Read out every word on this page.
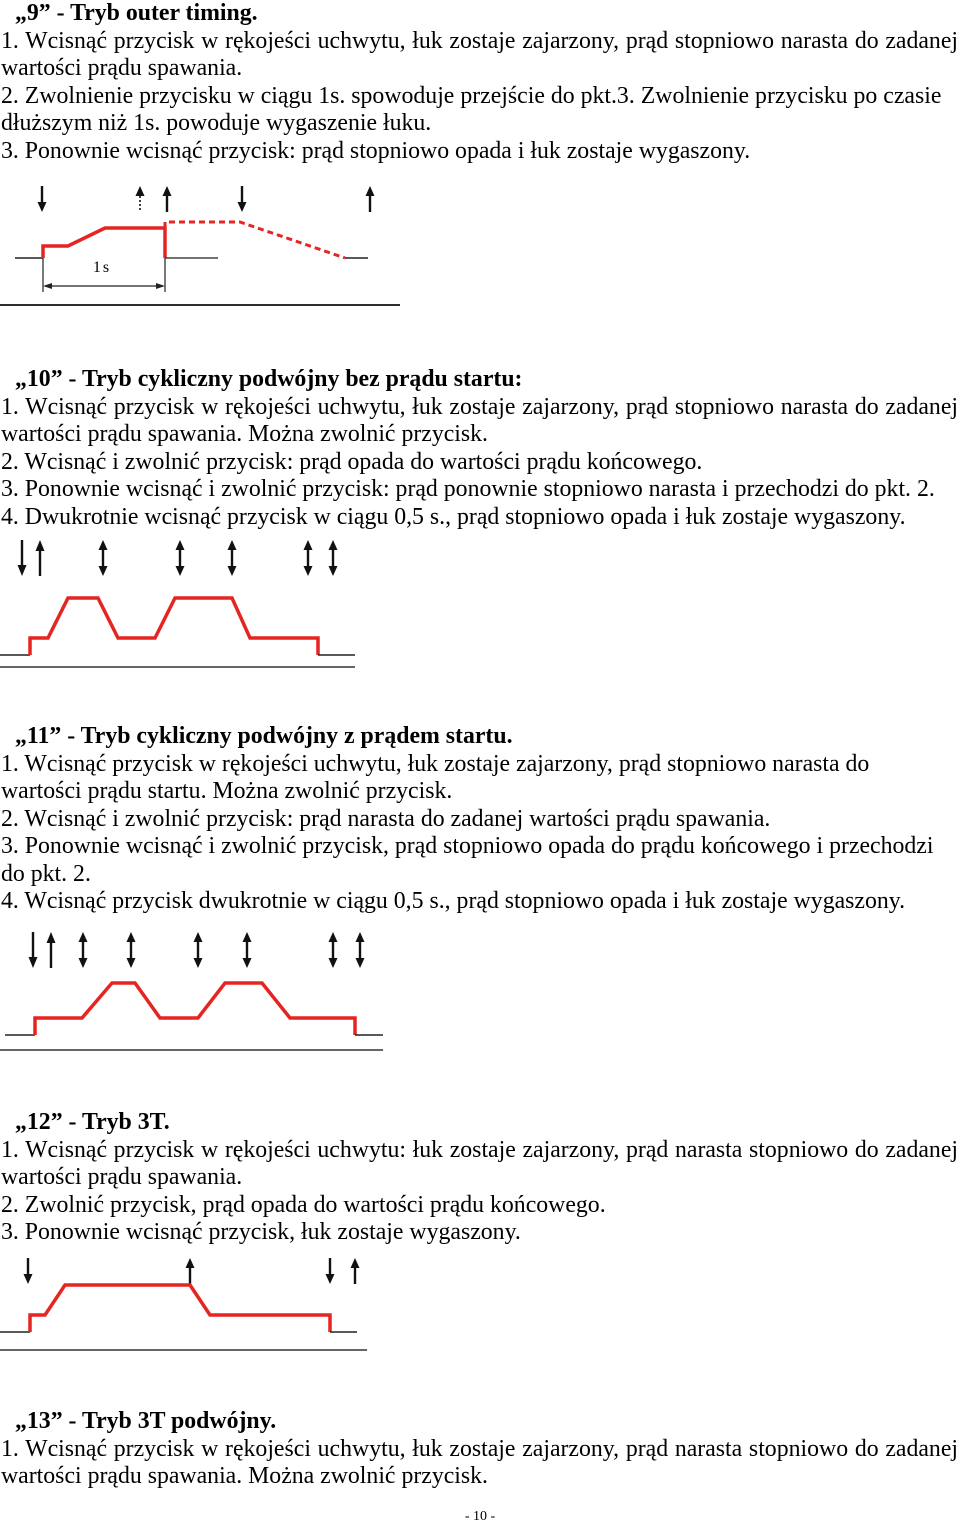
„9” - Tryb outer timing.
1. Wcisnąć przycisk w rękojeści uchwytu, łuk zostaje zajarzony, prąd stopniowo narasta do zadanej
wartości prądu spawania.
2. Zwolnienie przycisku w ciągu 1s. spowoduje przejście do pkt.3. Zwolnienie przycisku po czasie
dłuższym niż 1s. powoduje wygaszenie łuku.
3. Ponownie wcisnąć przycisk: prąd stopniowo opada i łuk zostaje wygaszony.
1s
„10” - Tryb cykliczny podwójny bez prądu startu:
1. Wcisnąć przycisk w rękojeści uchwytu, łuk zostaje zajarzony, prąd stopniowo narasta do zadanej
wartości prądu spawania. Można zwolnić przycisk.
2. Wcisnąć i zwolnić przycisk: prąd opada do wartości prądu końcowego.
3. Ponownie wcisnąć i zwolnić przycisk: prąd ponownie stopniowo narasta i przechodzi do pkt. 2.
4. Dwukrotnie wcisnąć przycisk w ciągu 0,5 s., prąd stopniowo opada i łuk zostaje wygaszony.
„11” - Tryb cykliczny podwójny z prądem startu.
1. Wcisnąć przycisk w rękojeści uchwytu, łuk zostaje zajarzony, prąd stopniowo narasta do
wartości prądu startu. Można zwolnić przycisk.
2. Wcisnąć i zwolnić przycisk: prąd narasta do zadanej wartości prądu spawania.
3. Ponownie wcisnąć i zwolnić przycisk, prąd stopniowo opada do prądu końcowego i przechodzi
do pkt. 2.
4. Wcisnąć przycisk dwukrotnie w ciągu 0,5 s., prąd stopniowo opada i łuk zostaje wygaszony.
„12” - Tryb 3T.
1. Wcisnąć przycisk w rękojeści uchwytu: łuk zostaje zajarzony, prąd narasta stopniowo do zadanej
wartości prądu spawania.
2. Zwolnić przycisk, prąd opada do wartości prądu końcowego.
3. Ponownie wcisnąć przycisk, łuk zostaje wygaszony.
„13” - Tryb 3T podwójny.
1. Wcisnąć przycisk w rękojeści uchwytu, łuk zostaje zajarzony, prąd narasta stopniowo do zadanej
wartości prądu spawania. Można zwolnić przycisk.
- 10 -
